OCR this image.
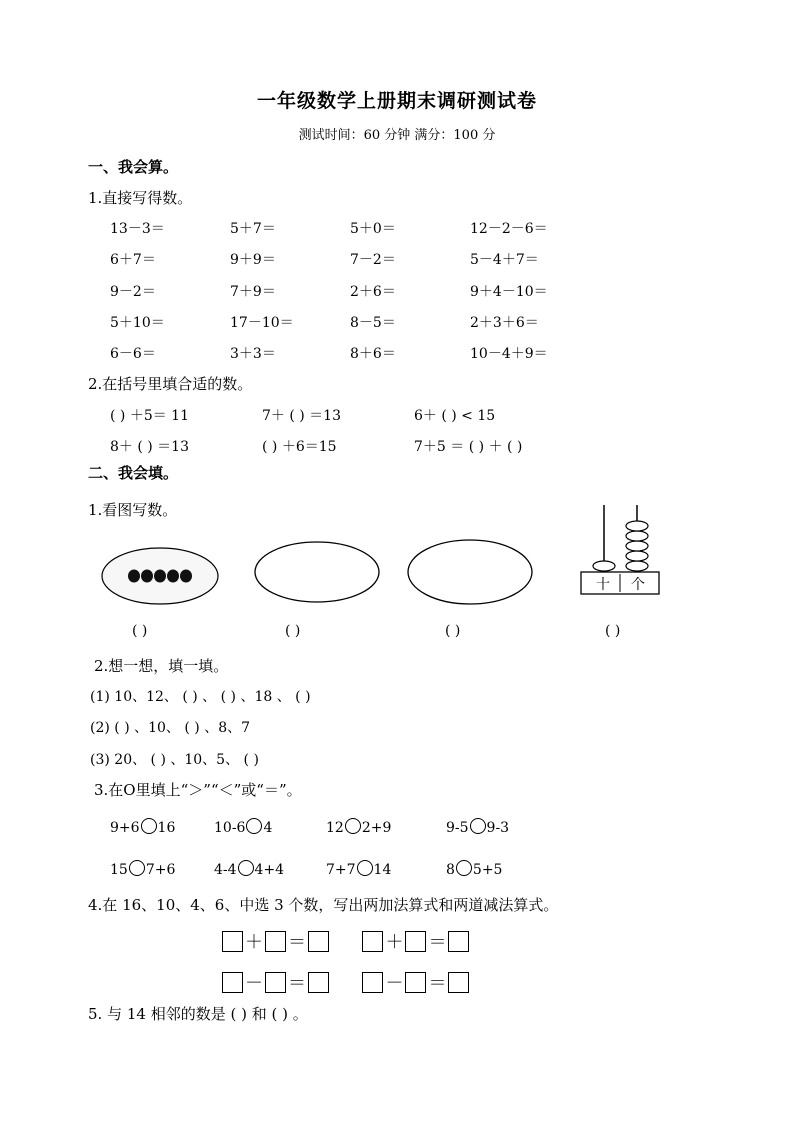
一年级数学上册期末调研测试卷
测试时间：60 分钟 满分：100 分
一、我会算。
1.直接写得数。
13－3＝	5＋7＝	5＋0＝	12－2－6＝
6＋7＝	9＋9＝	7－2＝	5－4＋7＝
9－2＝	7＋9＝	2＋6＝	9＋4－10＝
5＋10＝	17－10＝	8－5＝	2＋3＋6＝
6－6＝	3＋3＝	8＋6＝	10－4＋9＝
2.在括号里填合适的数。
( ) ＋5＝ 11	7＋ ( ) ＝13	6＋ ( ) < 15
8＋ ( ) ＝13	( ) ＋6＝15	7＋5 ＝ ( ) ＋ ( )
二、我会填。
1.看图写数。
十 个
( )	( )	( )	( )
2.想一想，填一填。
(1) 10、12、 ( ) 、 ( ) 、18 、 ( )
(2) ( ) 、10、 ( ) 、8、7
(3) 20、 ( ) 、10、5、 ( )
3.在O里填上“＞”“＜”或“＝”。
9+6 16	10-6 4	12 2+9	9-5 9-3
15 7+6	4-4 4+4	7+7 14	8 5+5
4.在 16、10、4、6、中选 3 个数，写出两加法算式和两道减法算式。
＋ ＝	＋ ＝
－ ＝	－ ＝
5. 与 14 相邻的数是 ( ) 和 ( ) 。
